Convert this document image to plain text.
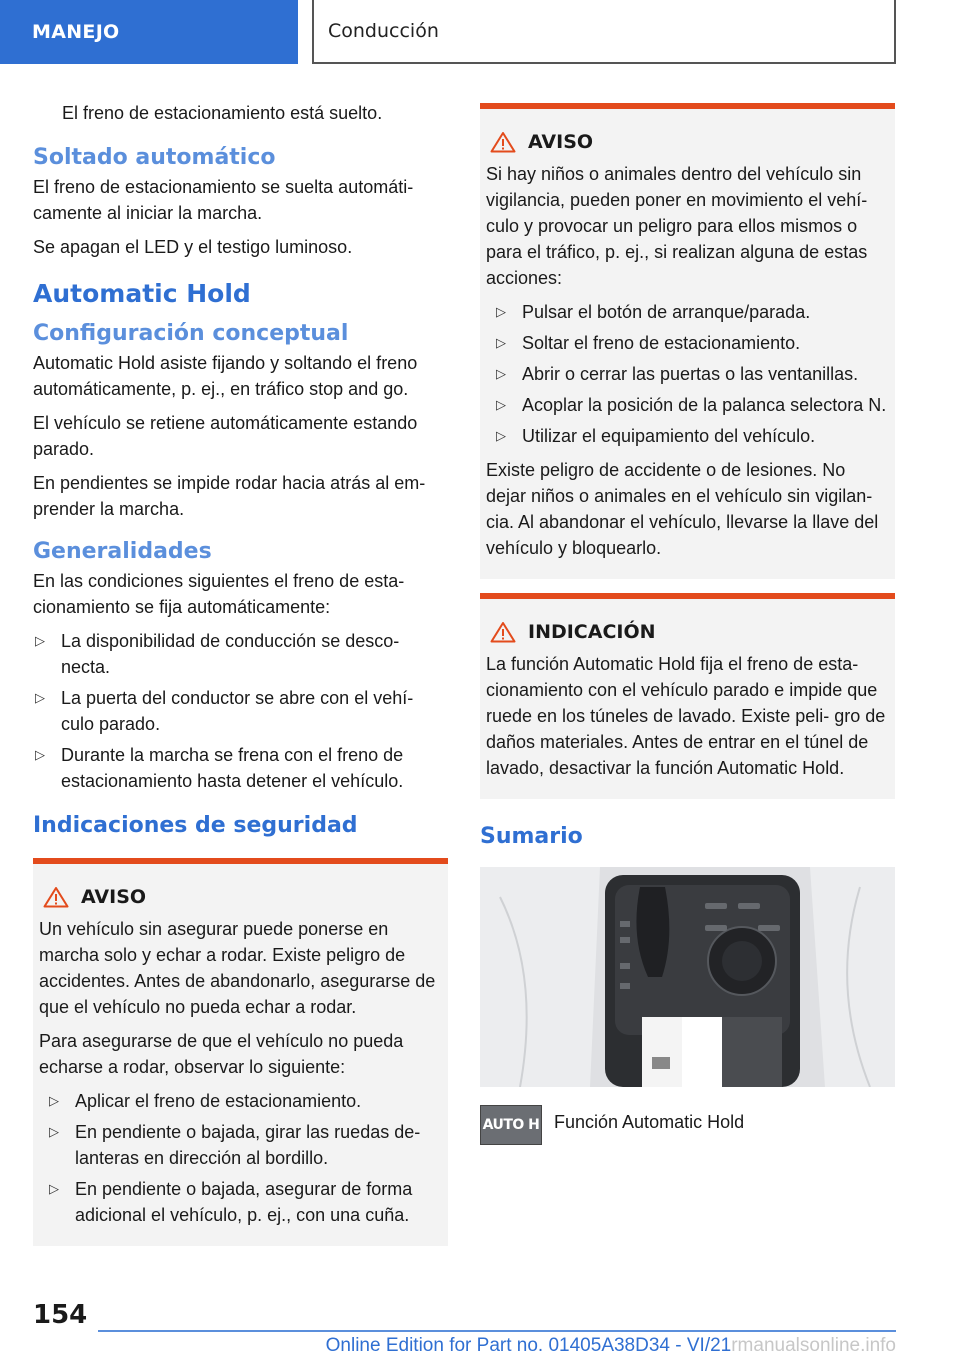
MANEJO	Conducción

El freno de estacionamiento está suelto.

Soltado automático

El freno de estacionamiento se suelta automáti‐ camente al iniciar la marcha.

Se apagan el LED y el testigo luminoso.

Automatic Hold
Configuración conceptual

Automatic Hold asiste fijando y soltando el freno automáticamente, p. ej., en tráfico stop and go.

El vehículo se retiene automáticamente estando parado.

En pendientes se impide rodar hacia atrás al em‐ prender la marcha.

Generalidades

En las condiciones siguientes el freno de esta‐ cionamiento se fija automáticamente:

▷ La disponibilidad de conducción se desco‐ necta.
▷ La puerta del conductor se abre con el vehí‐ culo parado.
▷ Durante la marcha se frena con el freno de estacionamiento hasta detener el vehículo.
Indicaciones de seguridad
AVISO

Un vehículo sin asegurar puede ponerse en marcha solo y echar a rodar. Existe peligro de accidentes. Antes de abandonarlo, asegurarse de que el vehículo no pueda echar a rodar.

Para asegurarse de que el vehículo no pueda echarse a rodar, observar lo siguiente:

▷ Aplicar el freno de estacionamiento.
▷ En pendiente o bajada, girar las ruedas de‐ lanteras en dirección al bordillo.
▷ En pendiente o bajada, asegurar de forma adicional el vehículo, p. ej., con una cuña.
AVISO

Si hay niños o animales dentro del vehículo sin vigilancia, pueden poner en movimiento el vehí‐ culo y provocar un peligro para ellos mismos o para el tráfico, p. ej., si realizan alguna de estas acciones:

▷ Pulsar el botón de arranque/parada.
▷ Soltar el freno de estacionamiento.
▷ Abrir o cerrar las puertas o las ventanillas.
▷ Acoplar la posición de la palanca selectora N.
▷ Utilizar el equipamiento del vehículo.

Existe peligro de accidente o de lesiones. No dejar niños o animales en el vehículo sin vigilan‐ cia. Al abandonar el vehículo, llevarse la llave del vehículo y bloquearlo.

INDICACIÓN

La función Automatic Hold fija el freno de esta‐ cionamiento con el vehículo parado e impide que ruede en los túneles de lavado. Existe peli‐ gro de daños materiales. Antes de entrar en el túnel de lavado, desactivar la función Automatic Hold.

Sumario
AUTO H Función Automatic Hold

154
Online Edition for Part no. 01405A38D34 - VI/21rmanualsonline.info
